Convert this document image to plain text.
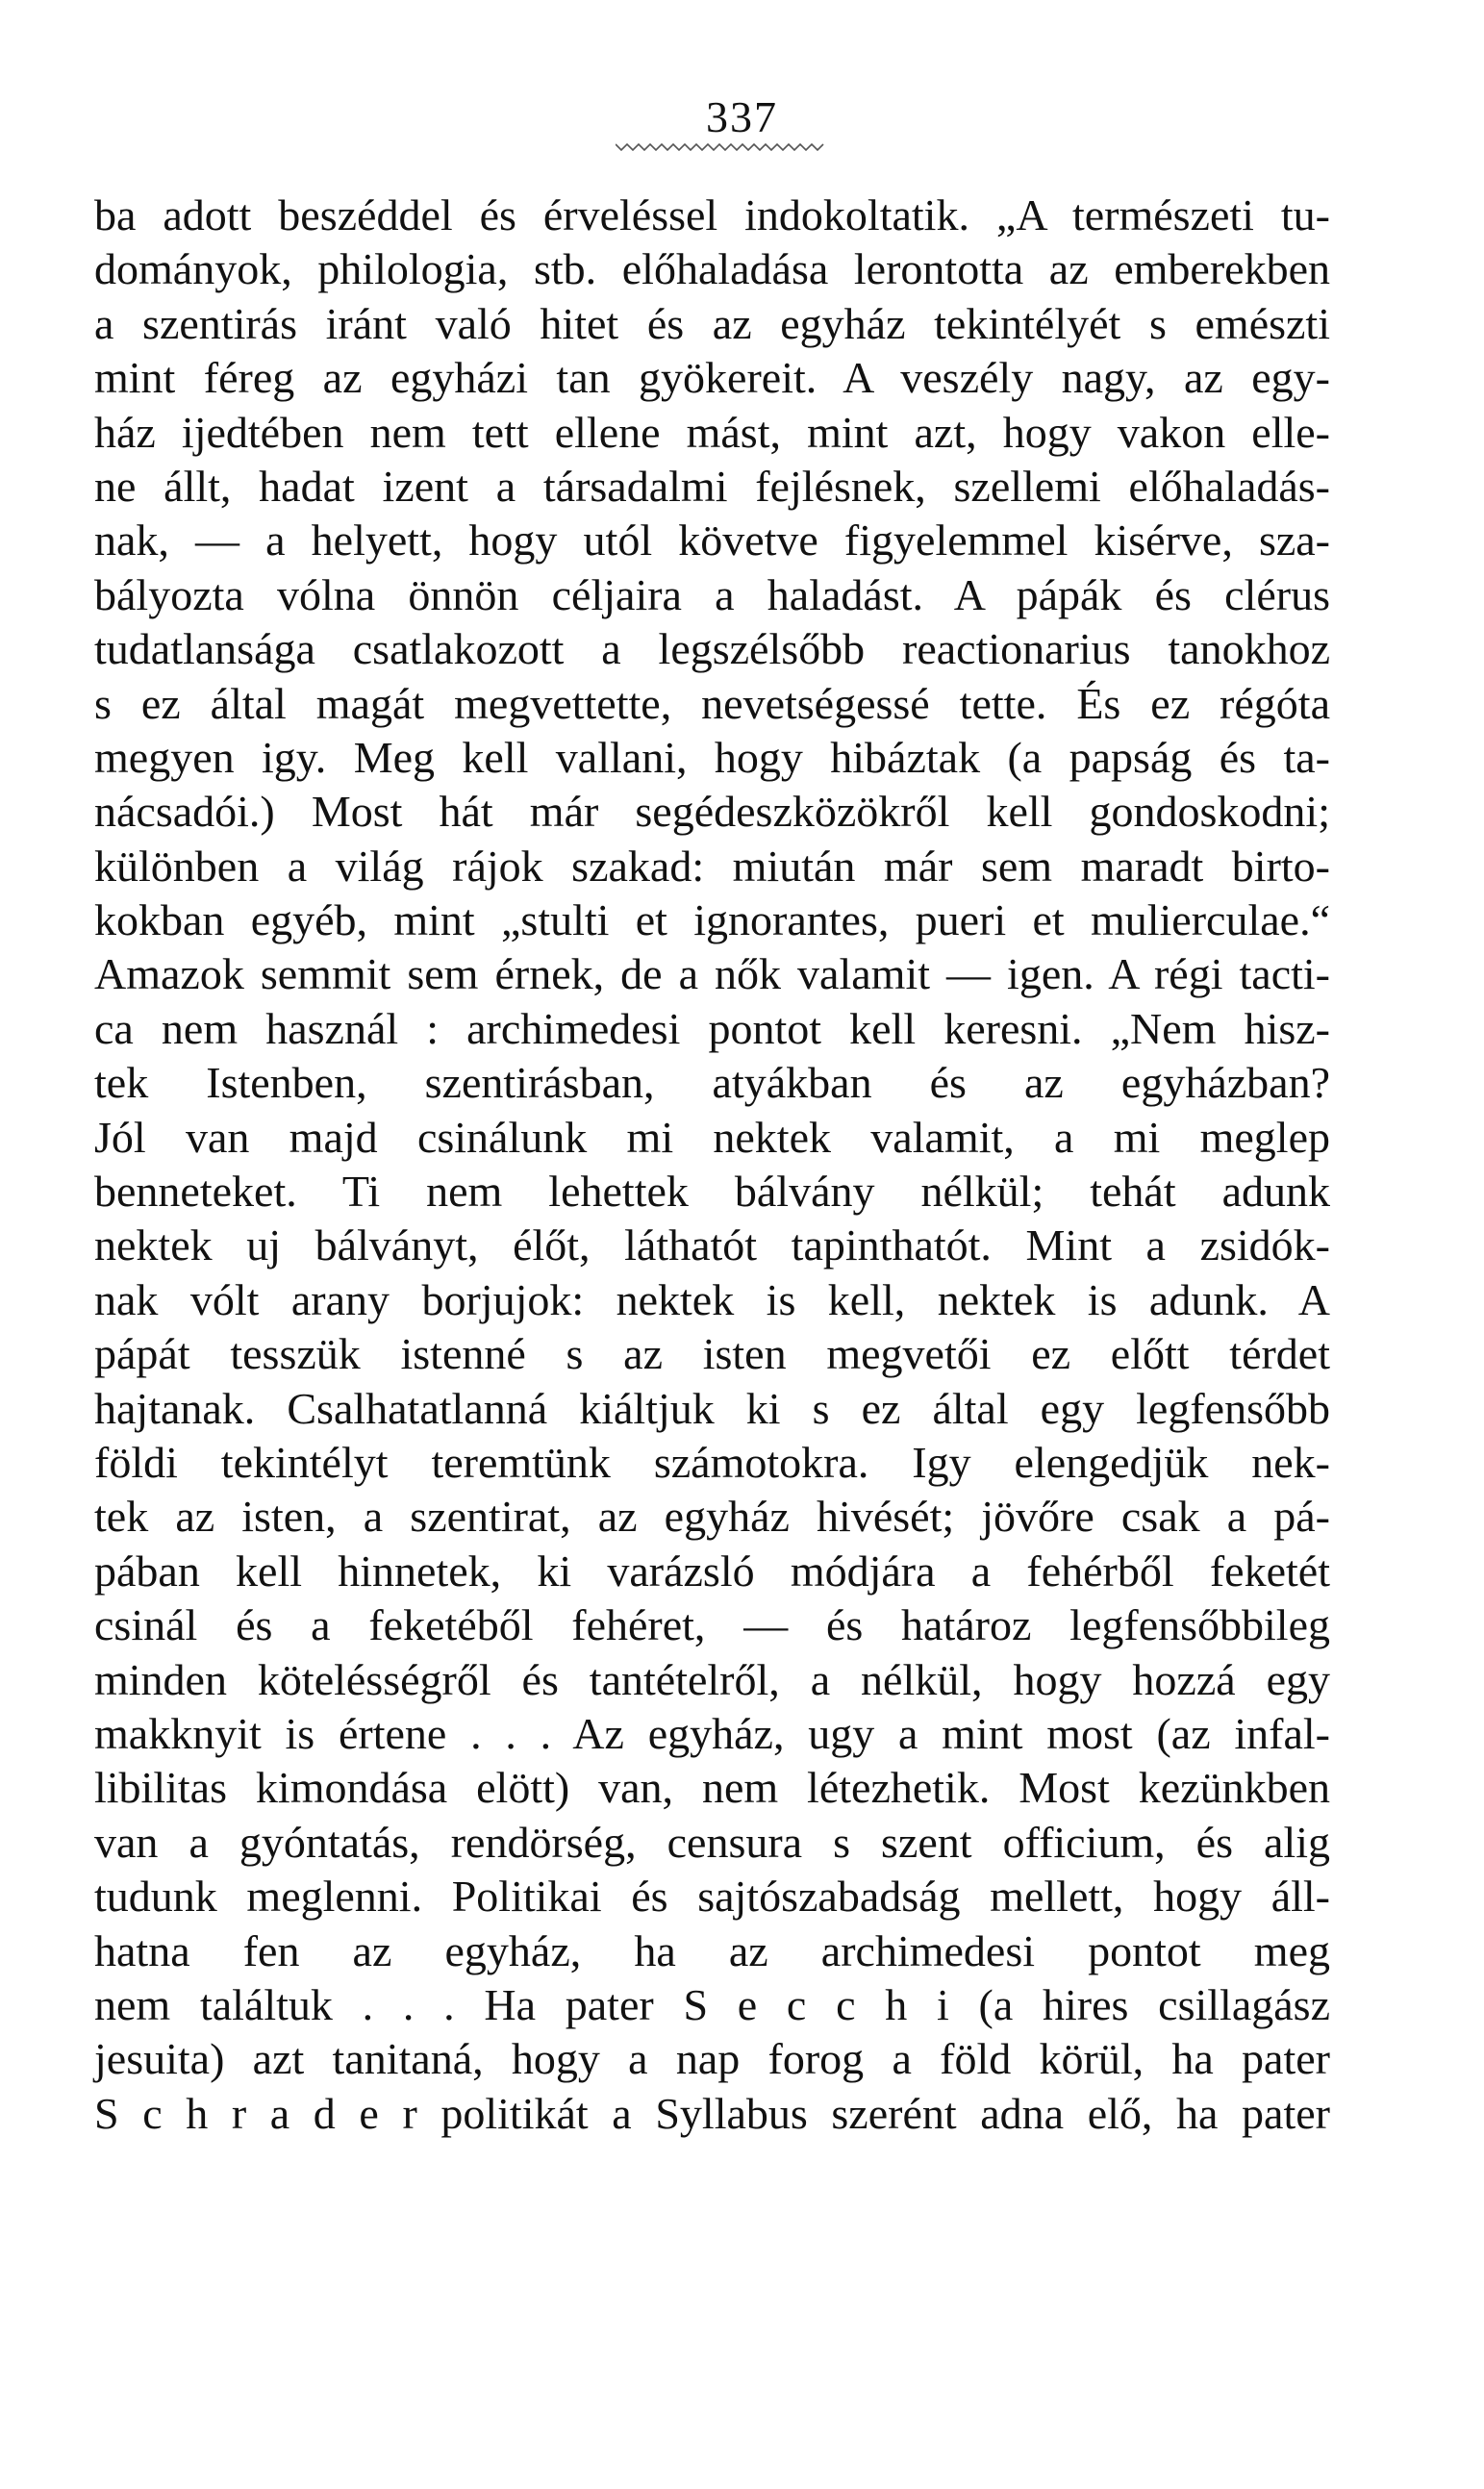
337
ba adott beszéddel és érveléssel indokoltatik. „A természeti tu-
dományok, philologia, stb. előhaladása lerontotta az emberekben
a szentirás iránt való hitet és az egyház tekintélyét s emészti
mint féreg az egyházi tan gyökereit. A veszély nagy, az egy-
ház ijedtében nem tett ellene mást, mint azt, hogy vakon elle-
ne állt, hadat izent a társadalmi fejlésnek, szellemi előhaladás-
nak, — a helyett, hogy utól követve figyelemmel kisérve, sza-
bályozta vólna önnön céljaira a haladást. A pápák és clérus
tudatlansága csatlakozott a legszélsőbb reactionarius tanokhoz
s ez által magát megvettette, nevetségessé tette. És ez régóta
megyen igy. Meg kell vallani, hogy hibáztak (a papság és ta-
nácsadói.) Most hát már segédeszközökről kell gondoskodni;
különben a világ rájok szakad: miután már sem maradt birto-
kokban egyéb, mint „stulti et ignorantes, pueri et mulierculae.“
Amazok semmit sem érnek, de a nők valamit — igen. A régi tacti-
ca nem használ : archimedesi pontot kell keresni. „Nem hisz-
tek Istenben, szentirásban, atyákban és az egyházban?
Jól van majd csinálunk mi nektek valamit, a mi meglep
benneteket. Ti nem lehettek bálvány nélkül; tehát adunk
nektek uj bálványt, élőt, láthatót tapinthatót. Mint a zsidók-
nak vólt arany borjujok: nektek is kell, nektek is adunk. A
pápát tesszük istenné s az isten megvetői ez előtt térdet
hajtanak. Csalhatatlanná kiáltjuk ki s ez által egy legfensőbb
földi tekintélyt teremtünk számotokra. Igy elengedjük nek-
tek az isten, a szentirat, az egyház hivését; jövőre csak a pá-
pában kell hinnetek, ki varázsló módjára a fehérből feketét
csinál és a feketéből fehéret, — és határoz legfensőbbileg
minden kötelésségről és tantételről, a nélkül, hogy hozzá egy
makknyit is értene . . . Az egyház, ugy a mint most (az infal-
libilitas kimondása elött) van, nem létezhetik. Most kezünkben
van a gyóntatás, rendörség, censura s szent officium, és alig
tudunk meglenni. Politikai és sajtószabadság mellett, hogy áll-
hatna fen az egyház, ha az archimedesi pontot meg
nem találtuk . . . Ha pater S e c c h i (a hires csillagász
jesuita) azt tanitaná, hogy a nap forog a föld körül, ha pater
S c h r a d e r politikát a Syllabus szerént adna elő, ha pater
